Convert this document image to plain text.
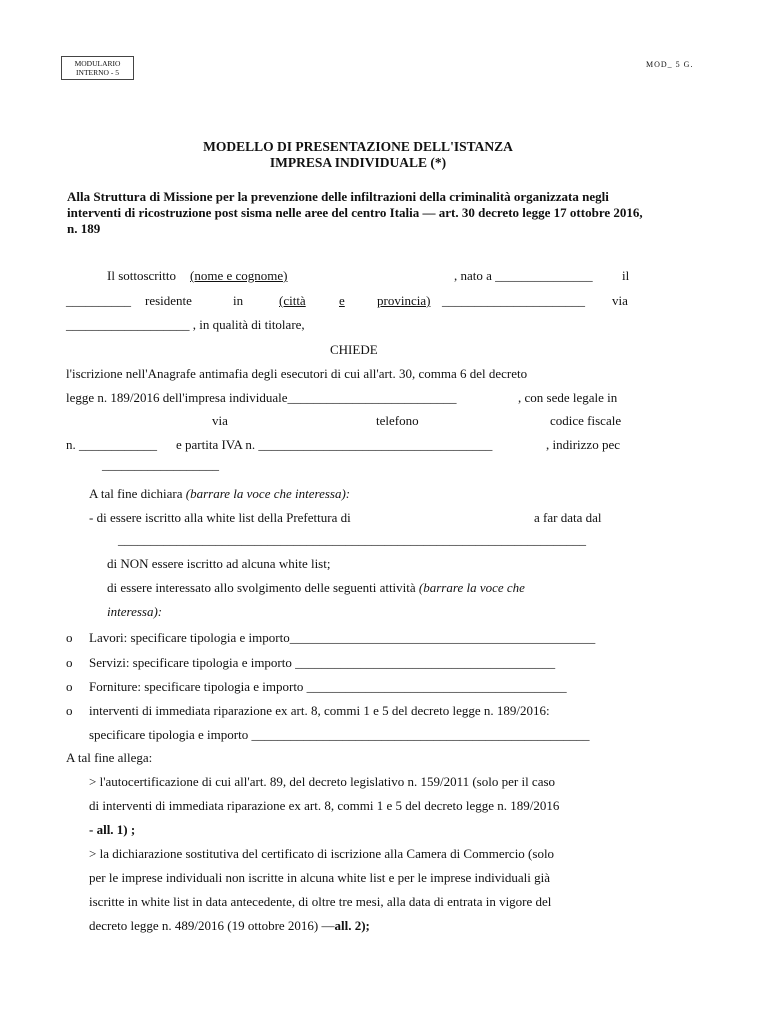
MODULARIO
INTERNO - 5
MOD_ 5 G.
MODELLO DI PRESENTAZIONE DELL'ISTANZA
IMPRESA INDIVIDUALE (*)
Alla Struttura di Missione per la prevenzione delle infiltrazioni della criminalità organizzata negli interventi di ricostruzione post sisma nelle aree del centro Italia — art. 30 decreto legge 17 ottobre 2016, n. 189
Il sottoscritto (nome e cognome)	, nato a _______________ il
__________ residente	in	(città	e provincia) ______________________ via
___________________ , in qualità di titolare,
CHIEDE
l'iscrizione nell'Anagrafe antimafia degli esecutori di cui all'art. 30, comma 6 del decreto
legge n. 189/2016 dell'impresa individuale__________________________	, con sede legale in
via	telefono	codice fiscale
n. ____________ e partita IVA n. ____________________________________	, indirizzo pec
__________________
A tal fine dichiara (barrare la voce che interessa):
- di essere iscritto alla white list della Prefettura di	a far data dal
________________________________________________________________________
di NON essere iscritto ad alcuna white list;
di essere interessato allo svolgimento delle seguenti attività (barrare la voce che
interessa):
o Lavori: specificare tipologia e importo_______________________________________________
o Servizi: specificare tipologia e importo ________________________________________
o Forniture: specificare tipologia e importo ________________________________________
o interventi di immediata riparazione ex art. 8, commi 1 e 5 del decreto legge n. 189/2016:
specificare tipologia e importo ____________________________________________________
A tal fine allega:
> l'autocertificazione di cui all'art. 89, del decreto legislativo n. 159/2011 (solo per il caso
di interventi di immediata riparazione ex art. 8, commi 1 e 5 del decreto legge n. 189/2016
- all. 1) ;
> la dichiarazione sostitutiva del certificato di iscrizione alla Camera di Commercio (solo
per le imprese individuali non iscritte in alcuna white list e per le imprese individuali già
iscritte in white list in data antecedente, di oltre tre mesi, alla data di entrata in vigore del
decreto legge n. 489/2016 (19 ottobre 2016) —all. 2);
